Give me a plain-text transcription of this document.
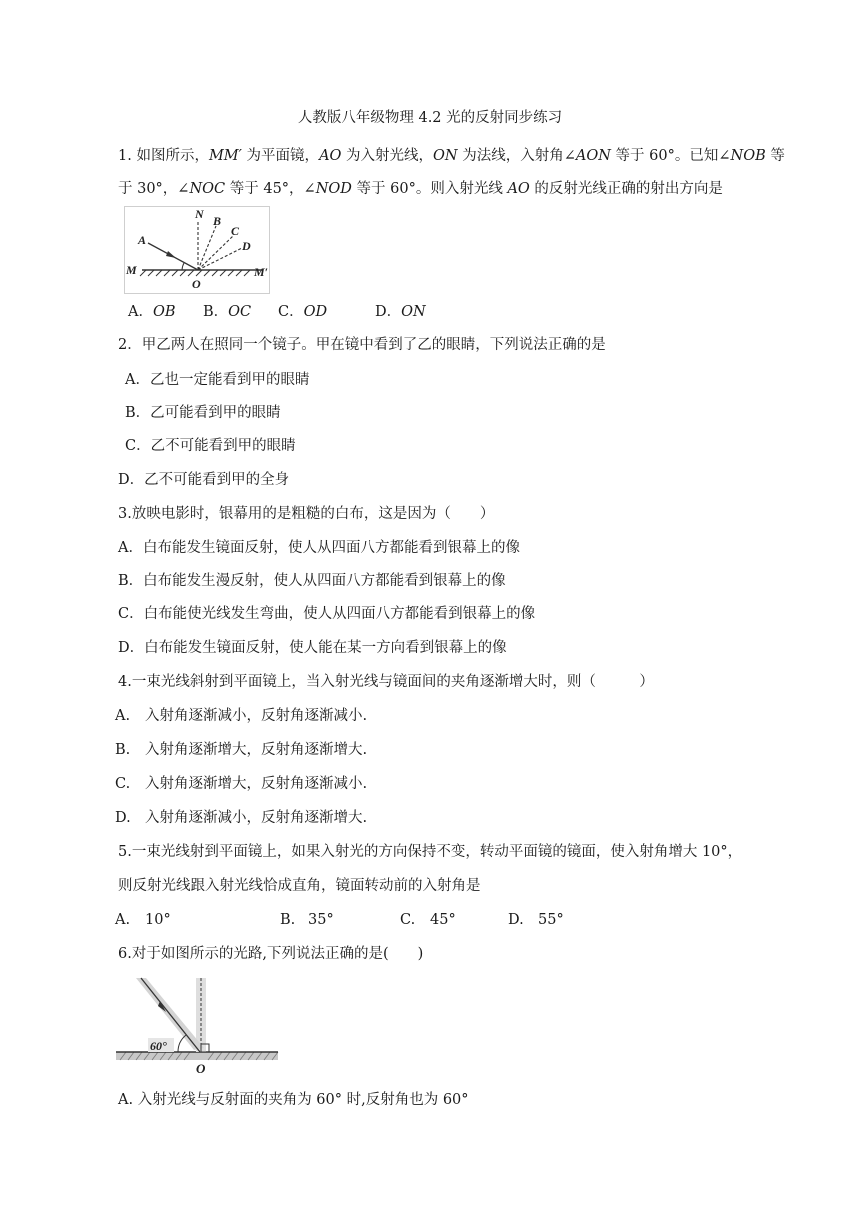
人教版八年级物理 4.2 光的反射同步练习
1. 如图所示，MM′ 为平面镜，AO 为入射光线，ON 为法线，入射角∠AON 等于 60°。已知∠NOB 等
于 30°，∠NOC 等于 45°，∠NOD 等于 60°。则入射光线 AO 的反射光线正确的射出方向是
N B
C
D
A
M	M′
O
A．OB B．OC C．OD	D．ON
2．甲乙两人在照同一个镜子。甲在镜中看到了乙的眼睛，下列说法正确的是
A．乙也一定能看到甲的眼睛
B．乙可能看到甲的眼睛
C．乙不可能看到甲的眼睛
D．乙不可能看到甲的全身
3.放映电影时，银幕用的是粗糙的白布，这是因为（　　）
A．白布能发生镜面反射，使人从四面八方都能看到银幕上的像
B．白布能发生漫反射，使人从四面八方都能看到银幕上的像
C．白布能使光线发生弯曲，使人从四面八方都能看到银幕上的像
D．白布能发生镜面反射，使人能在某一方向看到银幕上的像
4.一束光线斜射到平面镜上，当入射光线与镜面间的夹角逐渐增大时，则（　　　）
A. 入射角逐渐减小，反射角逐渐减小.
B. 入射角逐渐增大，反射角逐渐增大.
C. 入射角逐渐增大，反射角逐渐减小.
D. 入射角逐渐减小，反射角逐渐增大.
5.一束光线射到平面镜上，如果入射光的方向保持不变，转动平面镜的镜面，使入射角增大 10°，
则反射光线跟入射光线恰成直角，镜面转动前的入射角是
A. 10°	B. 35°	C. 45°	D. 55°
6.对于如图所示的光路,下列说法正确的是(　　)
60°
O
A. 入射光线与反射面的夹角为 60° 时,反射角也为 60°
